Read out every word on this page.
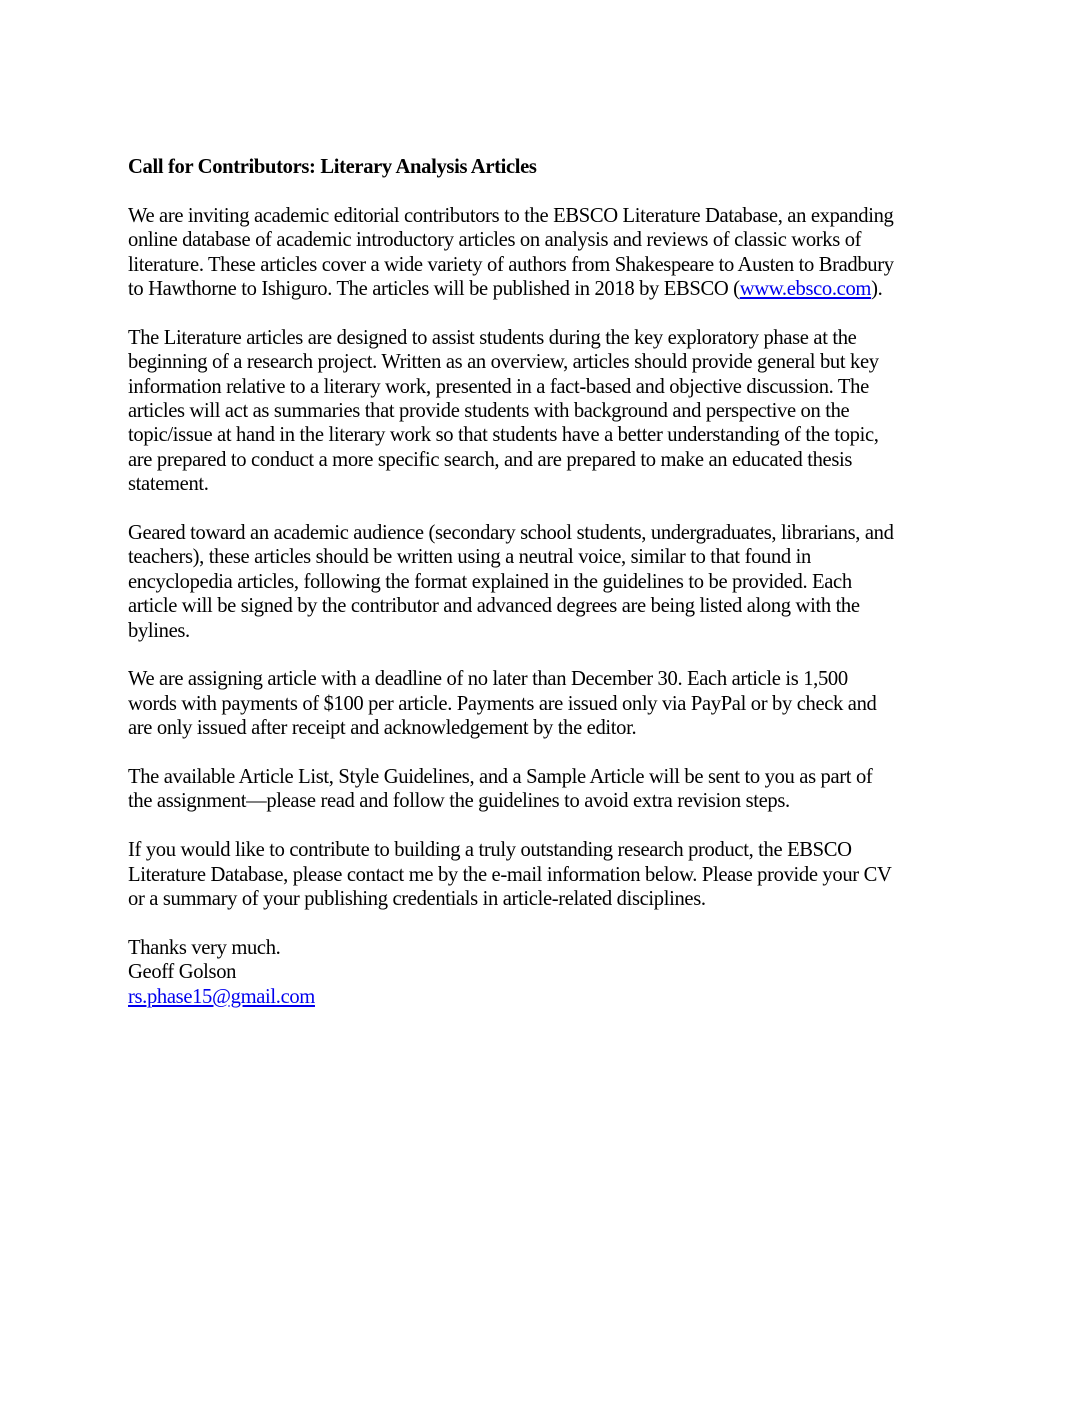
Call for Contributors: Literary Analysis Articles
We are inviting academic editorial contributors to the EBSCO Literature Database, an expanding
online database of academic introductory articles on analysis and reviews of classic works of
literature. These articles cover a wide variety of authors from Shakespeare to Austen to Bradbury
to Hawthorne to Ishiguro. The articles will be published in 2018 by EBSCO (www.ebsco.com).
The Literature articles are designed to assist students during the key exploratory phase at the
beginning of a research project. Written as an overview, articles should provide general but key
information relative to a literary work, presented in a fact-based and objective discussion. The
articles will act as summaries that provide students with background and perspective on the
topic/issue at hand in the literary work so that students have a better understanding of the topic,
are prepared to conduct a more specific search, and are prepared to make an educated thesis
statement.
Geared toward an academic audience (secondary school students, undergraduates, librarians, and
teachers), these articles should be written using a neutral voice, similar to that found in
encyclopedia articles, following the format explained in the guidelines to be provided. Each
article will be signed by the contributor and advanced degrees are being listed along with the
bylines.
We are assigning article with a deadline of no later than December 30. Each article is 1,500
words with payments of $100 per article. Payments are issued only via PayPal or by check and
are only issued after receipt and acknowledgement by the editor.
The available Article List, Style Guidelines, and a Sample Article will be sent to you as part of
the assignment—please read and follow the guidelines to avoid extra revision steps.
If you would like to contribute to building a truly outstanding research product, the EBSCO
Literature Database, please contact me by the e-mail information below. Please provide your CV
or a summary of your publishing credentials in article-related disciplines.
Thanks very much.
Geoff Golson
rs.phase15@gmail.com
